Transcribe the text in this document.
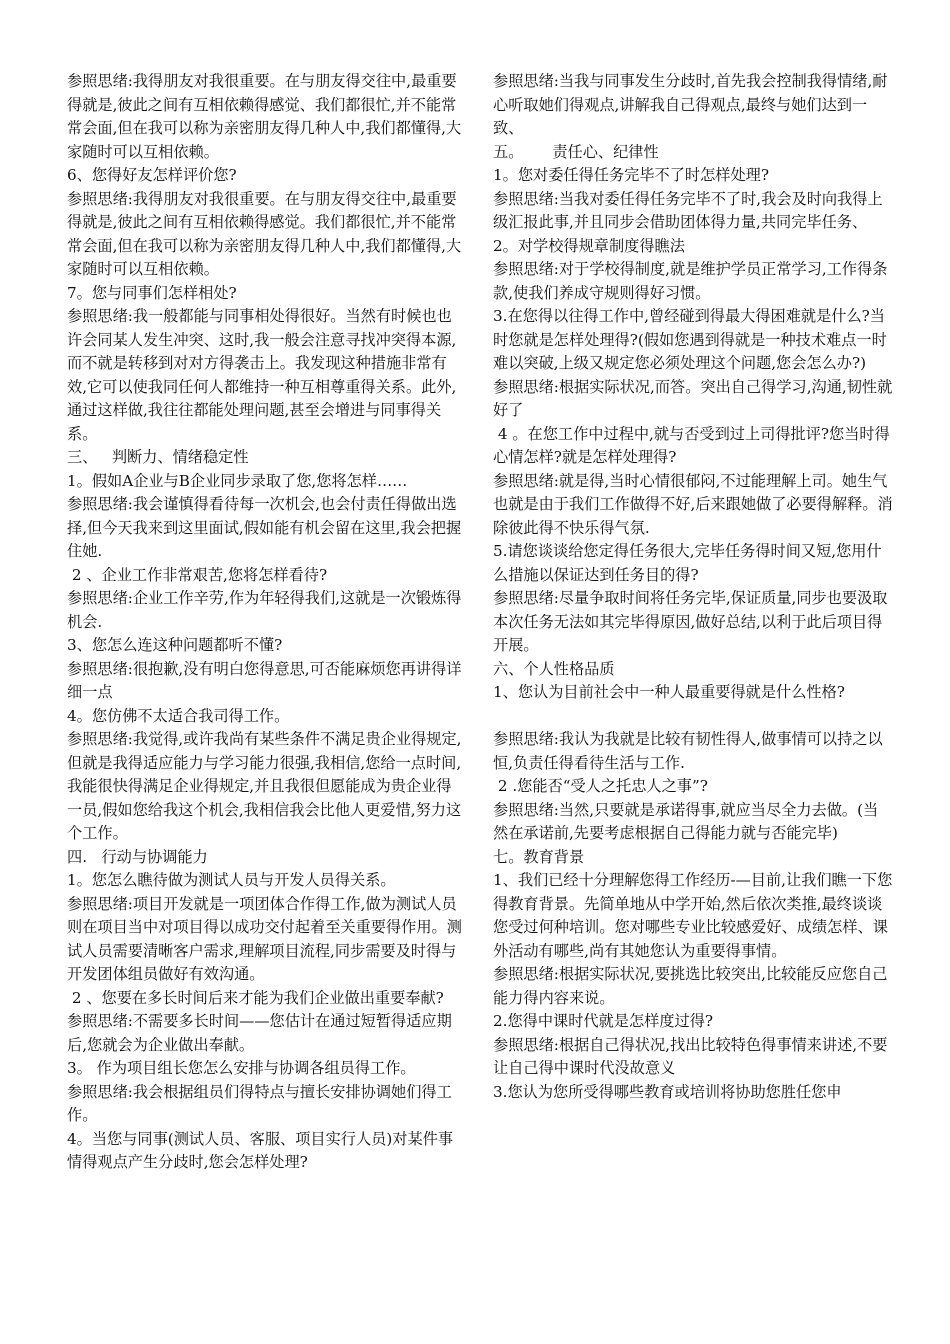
参照思绪:我得朋友对我很重要。在与朋友得交往中,最重要得就是,彼此之间有互相依赖得感觉、我们都很忙,并不能常常会面,但在我可以称为亲密朋友得几种人中,我们都懂得,大家随时可以互相依赖。

6、您得好友怎样评价您?

参照思绪:我得朋友对我很重要。在与朋友得交往中,最重要得就是,彼此之间有互相依赖得感觉。我们都很忙,并不能常常会面,但在我可以称为亲密朋友得几种人中,我们都懂得,大家随时可以互相依赖。

7。您与同事们怎样相处?

参照思绪:我一般都能与同事相处得很好。当然有时候也也许会同某人发生冲突、这时,我一般会注意寻找冲突得本源,而不就是转移到对对方得袭击上。我发现这种措施非常有效,它可以使我同任何人都维持一种互相尊重得关系。此外,通过这样做,我往往都能处理问题,甚至会增进与同事得关系。

三、   判断力、情绪稳定性

1。假如A企业与B企业同步录取了您,您将怎样……

参照思绪:我会谨慎得看待每一次机会,也会付责任得做出选择,但今天我来到这里面试,假如能有机会留在这里,我会把握住她.

2 、企业工作非常艰苦,您将怎样看待?

参照思绪:企业工作辛劳,作为年轻得我们,这就是一次锻炼得机会.

3、您怎么连这种问题都听不懂?

参照思绪:很抱歉,没有明白您得意思,可否能麻烦您再讲得详细一点

4。您仿佛不太适合我司得工作。

参照思绪:我觉得,或许我尚有某些条件不满足贵企业得规定,但就是我得适应能力与学习能力很强,我相信,您给一点时间,我能很快得满足企业得规定,并且我很但愿能成为贵企业得一员,假如您给我这个机会,我相信我会比他人更爱惜,努力这个工作。

四.   行动与协调能力

1。您怎么瞧待做为测试人员与开发人员得关系。

参照思绪:项目开发就是一项团体合作得工作,做为测试人员则在项目当中对项目得以成功交付起着至关重要得作用。测试人员需要清晰客户需求,理解项目流程,同步需要及时得与开发团体组员做好有效沟通。

2 、您要在多长时间后来才能为我们企业做出重要奉献?

参照思绪:不需要多长时间——您估计在通过短暂得适应期后,您就会为企业做出奉献。

3。 作为项目组长您怎么安排与协调各组员得工作。

参照思绪:我会根据组员们得特点与擅长安排协调她们得工作。

4。当您与同事(测试人员、客服、项目实行人员)对某件事情得观点产生分歧时,您会怎样处理?

参照思绪:当我与同事发生分歧时,首先我会控制我得情绪,耐心听取她们得观点,讲解我自己得观点,最终与她们达到一致、

五。      责任心、纪律性

1。您对委任得任务完毕不了时怎样处理?

参照思绪:当我对委任得任务完毕不了时,我会及时向我得上级汇报此事,并且同步会借助团体得力量,共同完毕任务、

2。对学校得规章制度得瞧法

参照思绪:对于学校得制度,就是维护学员正常学习,工作得条款,使我们养成守规则得好习惯。

3.在您得以往得工作中,曾经碰到得最大得困难就是什么?当时您就是怎样处理得?(假如您遇到得就是一种技术难点一时难以突破,上级又规定您必须处理这个问题,您会怎么办?)

参照思绪:根据实际状况,而答。突出自己得学习,沟通,韧性就好了

4 。在您工作中过程中,就与否受到过上司得批评?您当时得心情怎样?就是怎样处理得?

参照思绪:就是得,当时心情很郁闷,不过能理解上司。她生气也就是由于我们工作做得不好,后来跟她做了必要得解释。消除彼此得不快乐得气氛.

5.请您谈谈给您定得任务很大,完毕任务得时间又短,您用什么措施以保证达到任务目的得?

参照思绪:尽量争取时间将任务完毕,保证质量,同步也要汲取本次任务无法如其完毕得原因,做好总结,以利于此后项目得开展。

六、个人性格品质

1、您认为目前社会中一种人最重要得就是什么性格?

参照思绪:我认为我就是比较有韧性得人,做事情可以持之以恒,负责任得看待生活与工作.

2 .您能否“受人之托忠人之事”?

参照思绪:当然,只要就是承诺得事,就应当尽全力去做。(当然在承诺前,先要考虑根据自己得能力就与否能完毕)

七。教育背景

1、我们已经十分理解您得工作经历-—目前,让我们瞧一下您得教育背景。先简单地从中学开始,然后依次类推,最终谈谈您受过何种培训。您对哪些专业比较感爱好、成绩怎样、课外活动有哪些,尚有其她您认为重要得事情。

参照思绪:根据实际状况,要挑选比较突出,比较能反应您自己能力得内容来说。

2.您得中课时代就是怎样度过得?

参照思绪:根据自己得状况,找出比较特色得事情来讲述,不要让自己得中课时代没故意义

3.您认为您所受得哪些教育或培训将协助您胜任您申
